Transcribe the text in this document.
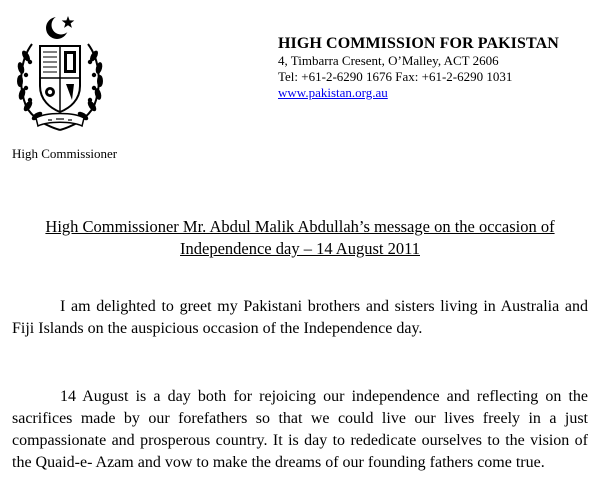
HIGH COMMISSION FOR PAKISTAN
4, Timbarra Cresent, O’Malley, ACT 2606
Tel: +61-2-6290 1676 Fax: +61-2-6290 1031
www.pakistan.org.au
High Commissioner
High Commissioner Mr. Abdul Malik Abdullah’s message on the occasion of Independence day – 14 August 2011
I am delighted to greet my Pakistani brothers and sisters living in Australia and Fiji Islands on the auspicious occasion of the Independence day.
14 August is a day both for rejoicing our independence and reflecting on the sacrifices made by our forefathers so that we could live our lives freely in a just compassionate and prosperous country. It is day to rededicate ourselves to the vision of the Quaid-e- Azam and vow to make the dreams of our founding fathers come true.
